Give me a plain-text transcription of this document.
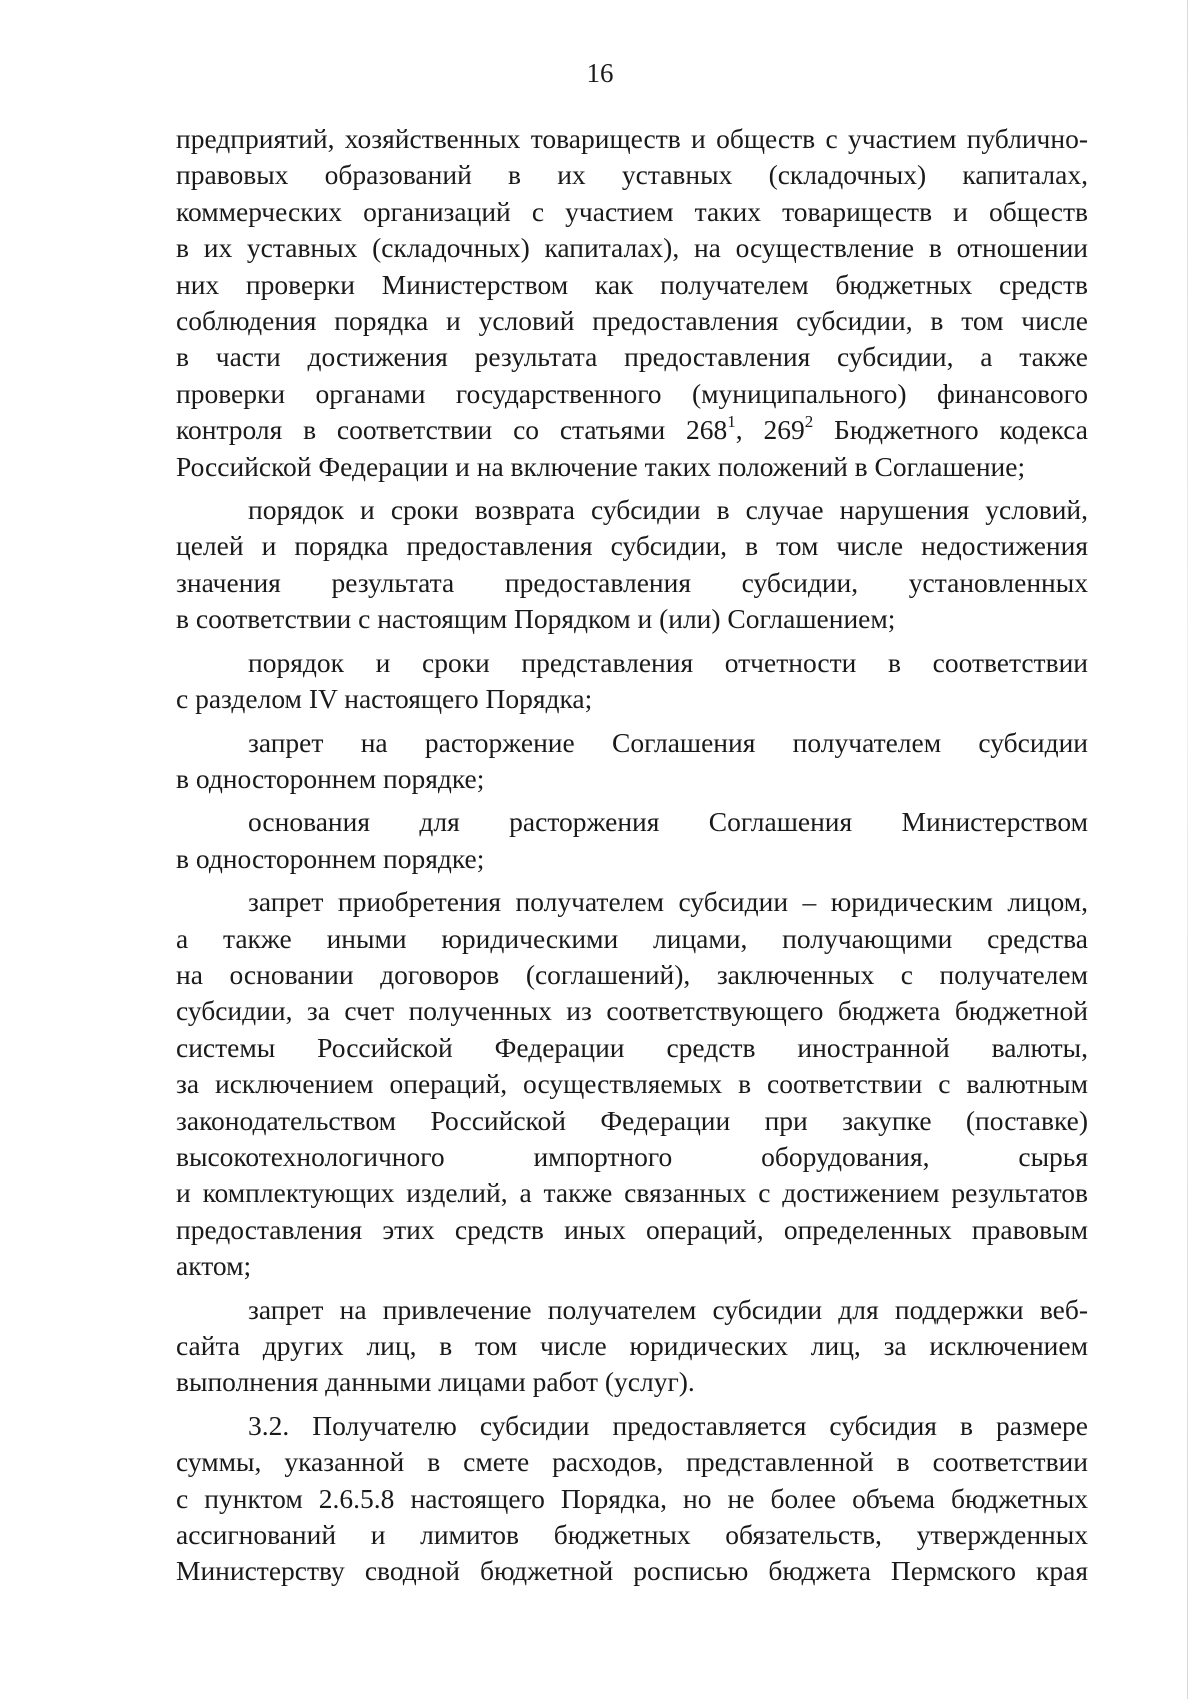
16
предприятий, хозяйственных товариществ и обществ с участием публично-
правовых образований в их уставных (складочных) капиталах,
коммерческих организаций с участием таких товариществ и обществ
в их уставных (складочных) капиталах), на осуществление в отношении
них проверки Министерством как получателем бюджетных средств
соблюдения порядка и условий предоставления субсидии, в том числе
в части достижения результата предоставления субсидии, а также
проверки органами государственного (муниципального) финансового
контроля в соответствии со статьями $268^1$, $269^2$ Бюджетного кодекса
Российской Федерации и на включение таких положений в Соглашение;
порядок и сроки возврата субсидии в случае нарушения условий,
целей и порядка предоставления субсидии, в том числе недостижения
значения результата предоставления субсидии, установленных
в соответствии с настоящим Порядком и (или) Соглашением;
порядок и сроки представления отчетности в соответствии
с разделом IV настоящего Порядка;
запрет на расторжение Соглашения получателем субсидии
в одностороннем порядке;
основания для расторжения Соглашения Министерством
в одностороннем порядке;
запрет приобретения получателем субсидии – юридическим лицом,
а также иными юридическими лицами, получающими средства
на основании договоров (соглашений), заключенных с получателем
субсидии, за счет полученных из соответствующего бюджета бюджетной
системы Российской Федерации средств иностранной валюты,
за исключением операций, осуществляемых в соответствии с валютным
законодательством Российской Федерации при закупке (поставке)
высокотехнологичного импортного оборудования, сырья
и комплектующих изделий, а также связанных с достижением результатов
предоставления этих средств иных операций, определенных правовым
актом;
запрет на привлечение получателем субсидии для поддержки веб-
сайта других лиц, в том числе юридических лиц, за исключением
выполнения данными лицами работ (услуг).
3.2. Получателю субсидии предоставляется субсидия в размере
суммы, указанной в смете расходов, представленной в соответствии
с пунктом 2.6.5.8 настоящего Порядка, но не более объема бюджетных
ассигнований и лимитов бюджетных обязательств, утвержденных
Министерству сводной бюджетной росписью бюджета Пермского края
